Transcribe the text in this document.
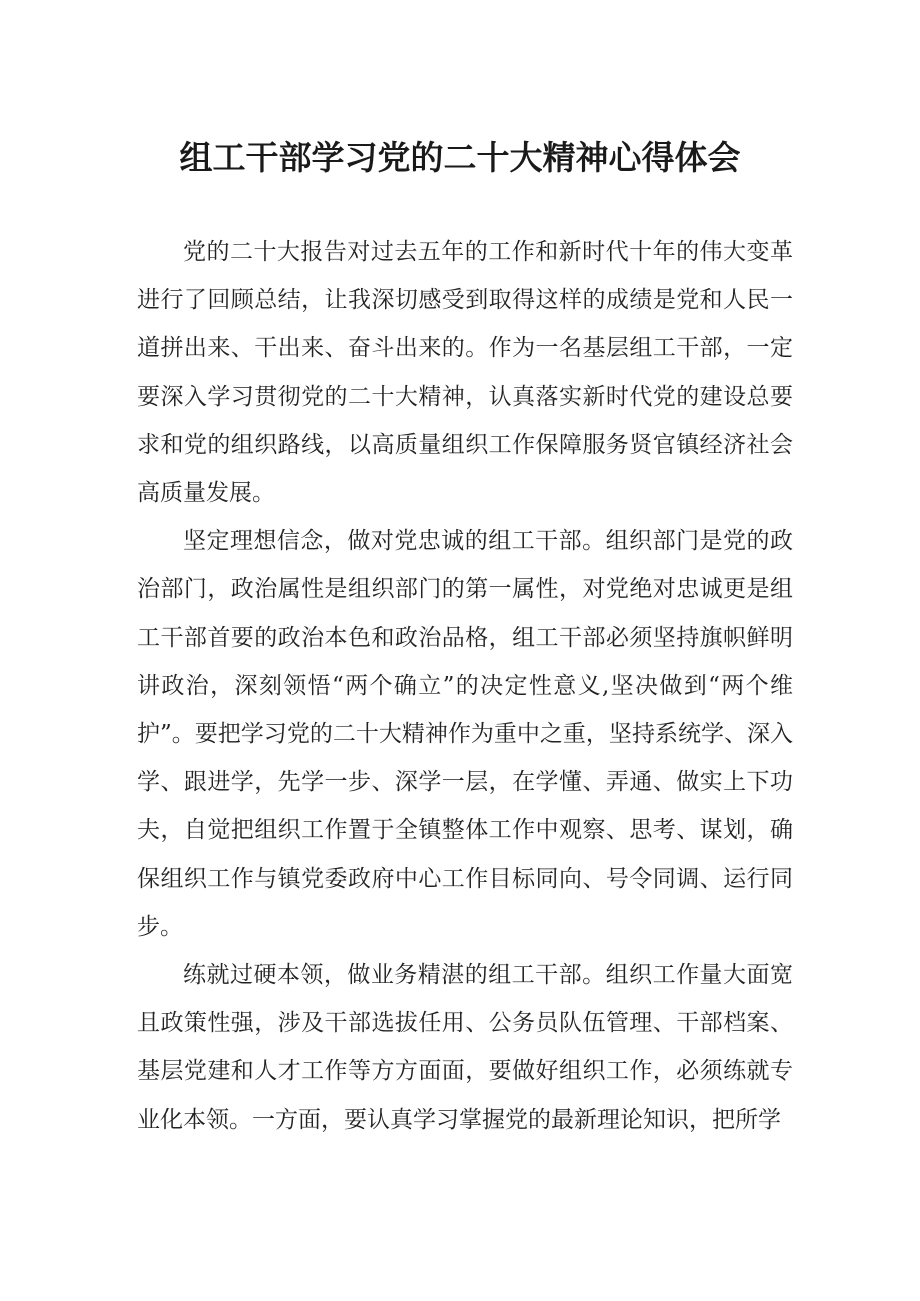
组工干部学习党的二十大精神心得体会

党的二十大报告对过去五年的工作和新时代十年的伟大变革进行了回顾总结，让我深切感受到取得这样的成绩是党和人民一道拼出来、干出来、奋斗出来的。作为一名基层组工干部，一定要深入学习贯彻党的二十大精神，认真落实新时代党的建设总要求和党的组织路线，以高质量组织工作保障服务贤官镇经济社会高质量发展。

坚定理想信念，做对党忠诚的组工干部。组织部门是党的政治部门，政治属性是组织部门的第一属性，对党绝对忠诚更是组工干部首要的政治本色和政治品格，组工干部必须坚持旗帜鲜明讲政治，深刻领悟“两个确立”的决定性意义,坚决做到“两个维护”。要把学习党的二十大精神作为重中之重，坚持系统学、深入学、跟进学，先学一步、深学一层，在学懂、弄通、做实上下功夫，自觉把组织工作置于全镇整体工作中观察、思考、谋划，确保组织工作与镇党委政府中心工作目标同向、号令同调、运行同步。

练就过硬本领，做业务精湛的组工干部。组织工作量大面宽且政策性强，涉及干部选拔任用、公务员队伍管理、干部档案、基层党建和人才工作等方方面面，要做好组织工作，必须练就专业化本领。一方面，要认真学习掌握党的最新理论知识，把所学
